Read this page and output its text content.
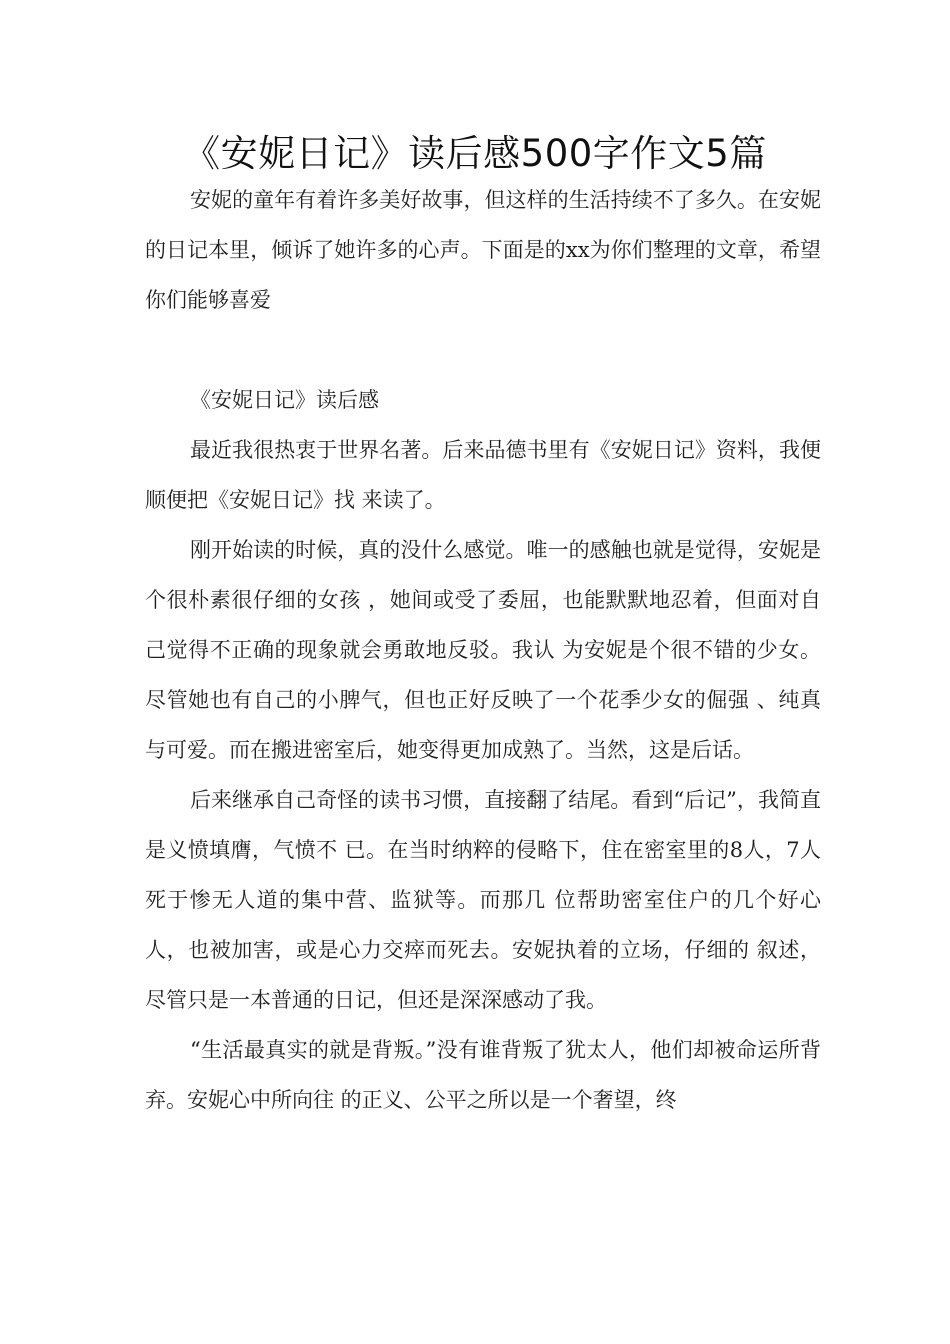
《安妮日记》读后感500字作文5篇

安妮的童年有着许多美好故事，但这样的生活持续不了多久。在安妮的日记本里，倾诉了她许多的心声。下面是的xx为你们整理的文章，希望你们能够喜爱

《安妮日记》读后感

最近我很热衷于世界名著。后来品德书里有《安妮日记》资料，我便顺便把《安妮日记》找 来读了。

刚开始读的时候，真的没什么感觉。唯一的感触也就是觉得，安妮是个很朴素很仔细的女孩 ，她间或受了委屈，也能默默地忍着，但面对自己觉得不正确的现象就会勇敢地反驳。我认 为安妮是个很不错的少女。尽管她也有自己的小脾气，但也正好反映了一个花季少女的倔强 、纯真与可爱。而在搬进密室后，她变得更加成熟了。当然，这是后话。

后来继承自己奇怪的读书习惯，直接翻了结尾。看到“后记”，我简直是义愤填膺，气愤不 已。在当时纳粹的侵略下，住在密室里的8人，7人死于惨无人道的集中营、监狱等。而那几 位帮助密室住户的几个好心人，也被加害，或是心力交瘁而死去。安妮执着的立场，仔细的 叙述，尽管只是一本普通的日记，但还是深深感动了我。

“生活最真实的就是背叛。”没有谁背叛了犹太人，他们却被命运所背弃。安妮心中所向往 的正义、公平之所以是一个奢望，终
